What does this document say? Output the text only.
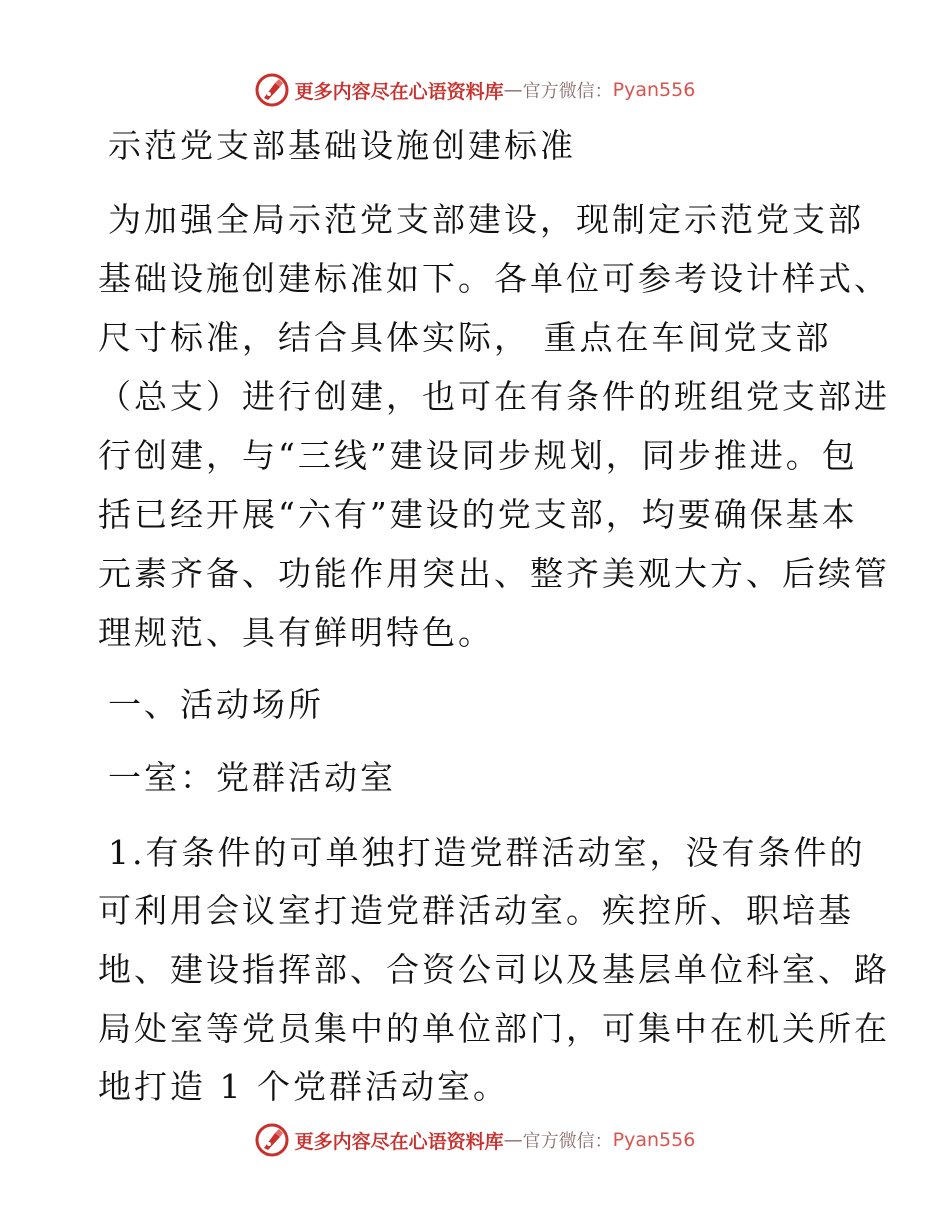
更多内容尽在心语资料库 — 官方微信： Pyan556
示范党支部基础设施创建标准
为加强全局示范党支部建设，现制定示范党支部
基础设施创建标准如下。各单位可参考设计样式、
尺寸标准，结合具体实际， 重点在车间党支部
（总支）进行创建，也可在有条件的班组党支部进
行创建，与“三线”建设同步规划，同步推进。包
括已经开展“六有”建设的党支部，均要确保基本
元素齐备、功能作用突出、整齐美观大方、后续管
理规范、具有鲜明特色。
一、活动场所
一室：党群活动室
1.有条件的可单独打造党群活动室，没有条件的
可利用会议室打造党群活动室。疾控所、职培基
地、建设指挥部、合资公司以及基层单位科室、路
局处室等党员集中的单位部门，可集中在机关所在
地打造 1 个党群活动室。
更多内容尽在心语资料库 — 官方微信： Pyan556
